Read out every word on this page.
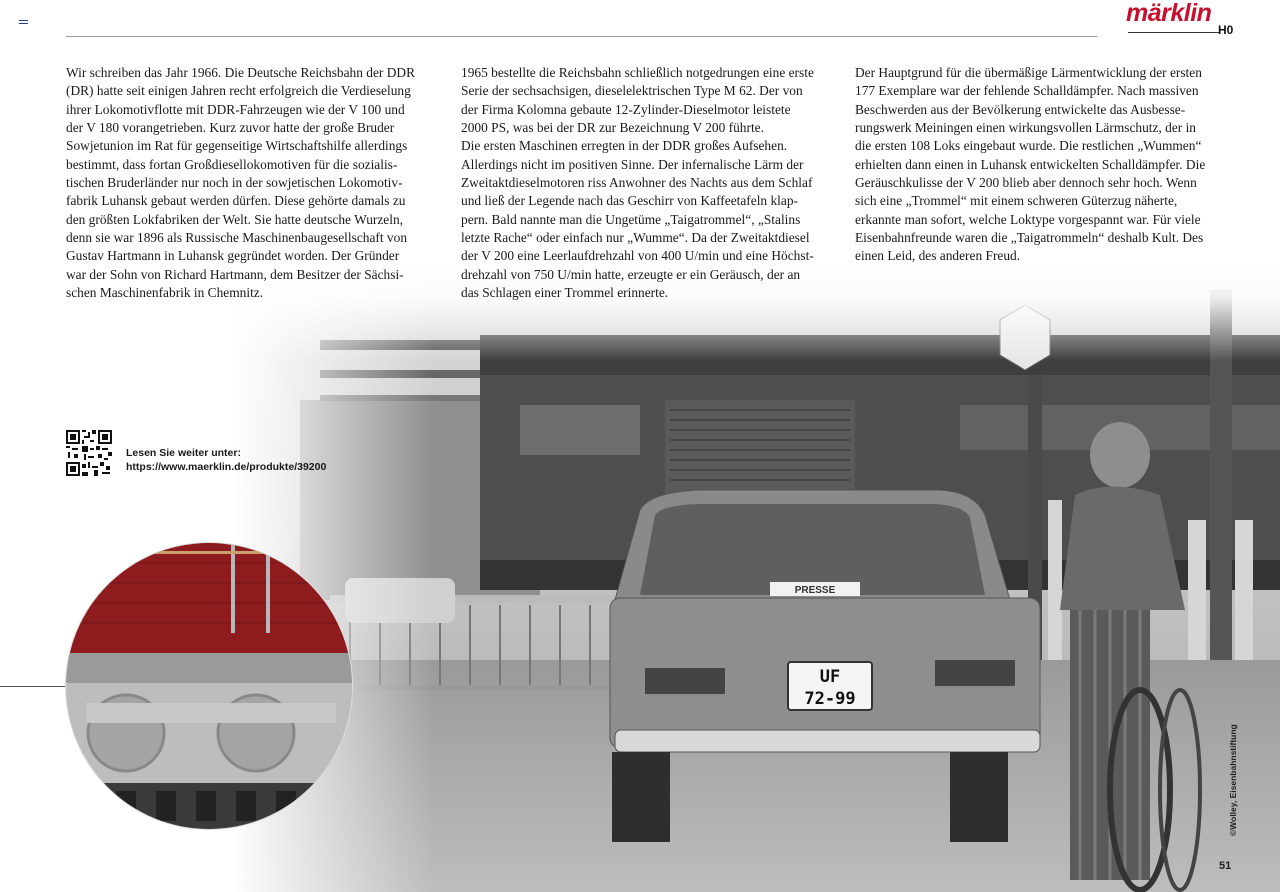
märklin
H0

Wir schreiben das Jahr 1966. Die Deutsche Reichsbahn der DDR

(DR) hatte seit einigen Jahren recht erfolgreich die Verdieselung

ihrer Lokomotivflotte mit DDR-Fahrzeugen wie der V 100 und

der V 180 vorangetrieben. Kurz zuvor hatte der große Bruder

Sowjetunion im Rat für gegenseitige Wirtschaftshilfe allerdings

bestimmt, dass fortan Großdiesellokomotiven für die sozialis-

tischen Bruderländer nur noch in der sowjetischen Lokomotiv-

fabrik Luhansk gebaut werden dürfen. Diese gehörte damals zu

den größten Lokfabriken der Welt. Sie hatte deutsche Wurzeln,

denn sie war 1896 als Russische Maschinenbaugesellschaft von

Gustav Hartmann in Luhansk gegründet worden. Der Gründer

war der Sohn von Richard Hartmann, dem Besitzer der Sächsi-

schen Maschinenfabrik in Chemnitz.

1965 bestellte die Reichsbahn schließlich notgedrungen eine erste

Serie der sechsachsigen, dieselelektrischen Type M 62. Der von

der Firma Kolomna gebaute 12-Zylinder-Dieselmotor leistete

2000 PS, was bei der DR zur Bezeichnung V 200 führte.

Die ersten Maschinen erregten in der DDR großes Aufsehen.

Allerdings nicht im positiven Sinne. Der infernalische Lärm der

Zweitaktdieselmotoren riss Anwohner des Nachts aus dem Schlaf

und ließ der Legende nach das Geschirr von Kaffeetafeln klap-

pern. Bald nannte man die Ungetüme „Taigatrommel“, „Stalins

letzte Rache“ oder einfach nur „Wumme“. Da der Zweitaktdiesel

der V 200 eine Leerlaufdrehzahl von 400 U/min und eine Höchst-

drehzahl von 750 U/min hatte, erzeugte er ein Geräusch, der an

das Schlagen einer Trommel erinnerte.

Der Hauptgrund für die übermäßige Lärmentwicklung der ersten

177 Exemplare war der fehlende Schalldämpfer. Nach massiven

Beschwerden aus der Bevölkerung entwickelte das Ausbesse-

rungswerk Meiningen einen wirkungsvollen Lärmschutz, der in

die ersten 108 Loks eingebaut wurde. Die restlichen „Wummen“

erhielten dann einen in Luhansk entwickelten Schalldämpfer. Die

Geräuschkulisse der V 200 blieb aber dennoch sehr hoch. Wenn

sich eine „Trommel“ mit einem schweren Güterzug näherte,

erkannte man sofort, welche Loktype vorgespannt war. Für viele

Eisenbahnfreunde waren die „Taigatrommeln“ deshalb Kult. Des

einen Leid, des anderen Freud.

Lesen Sie weiter unter:
https://www.maerklin.de/produkte/39200
©Wolley, Eisenbahnstiftung
51
